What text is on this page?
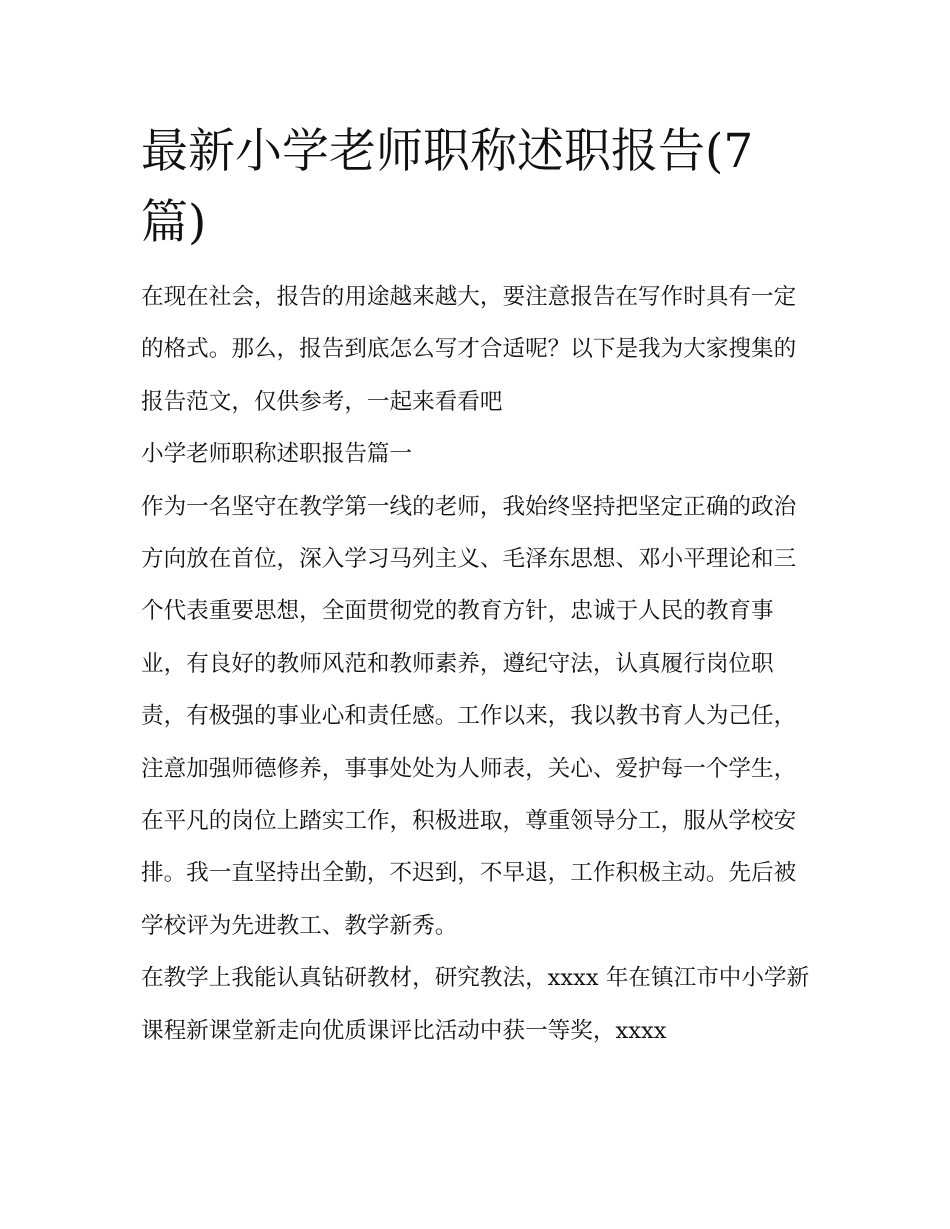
最新小学老师职称述职报告(7篇)

在现在社会，报告的用途越来越大，要注意报告在写作时具有一定的格式。那么，报告到底怎么写才合适呢？以下是我为大家搜集的报告范文，仅供参考，一起来看看吧

小学老师职称述职报告篇一

作为一名坚守在教学第一线的老师，我始终坚持把坚定正确的政治方向放在首位，深入学习马列主义、毛泽东思想、邓小平理论和三个代表重要思想，全面贯彻党的教育方针，忠诚于人民的教育事业，有良好的教师风范和教师素养，遵纪守法，认真履行岗位职责，有极强的事业心和责任感。工作以来，我以教书育人为己任，注意加强师德修养，事事处处为人师表，关心、爱护每一个学生，在平凡的岗位上踏实工作，积极进取，尊重领导分工，服从学校安排。我一直坚持出全勤，不迟到，不早退，工作积极主动。先后被学校评为先进教工、教学新秀。

在教学上我能认真钻研教材，研究教法，xxxx 年在镇江市中小学新课程新课堂新走向优质课评比活动中获一等奖，xxxx
